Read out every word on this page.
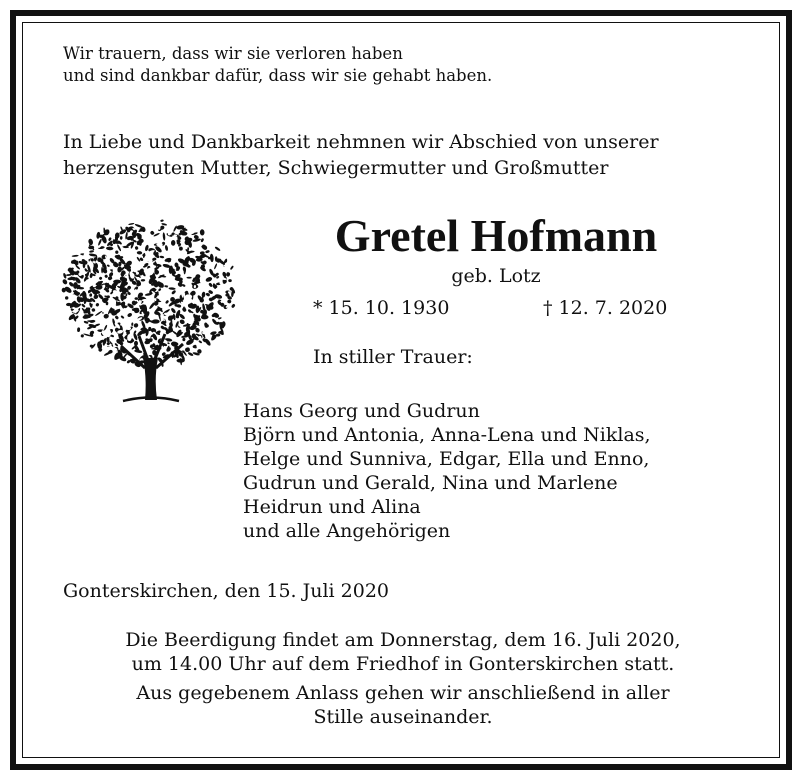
Wir trauern, dass wir sie verloren haben
und sind dankbar dafür, dass wir sie gehabt haben.
In Liebe und Dankbarkeit nehmnen wir Abschied von unserer
herzensguten Mutter, Schwiegermutter und Großmutter
Gretel Hofmann
geb. Lotz
* 15. 10. 1930	† 12. 7. 2020
In stiller Trauer:
Hans Georg und Gudrun
Björn und Antonia, Anna-Lena und Niklas,
Helge und Sunniva, Edgar, Ella und Enno,
Gudrun und Gerald, Nina und Marlene
Heidrun und Alina
und alle Angehörigen
Gonterskirchen, den 15. Juli 2020
Die Beerdigung findet am Donnerstag, dem 16. Juli 2020,
um 14.00 Uhr auf dem Friedhof in Gonterskirchen statt.
Aus gegebenem Anlass gehen wir anschließend in aller
Stille auseinander.
